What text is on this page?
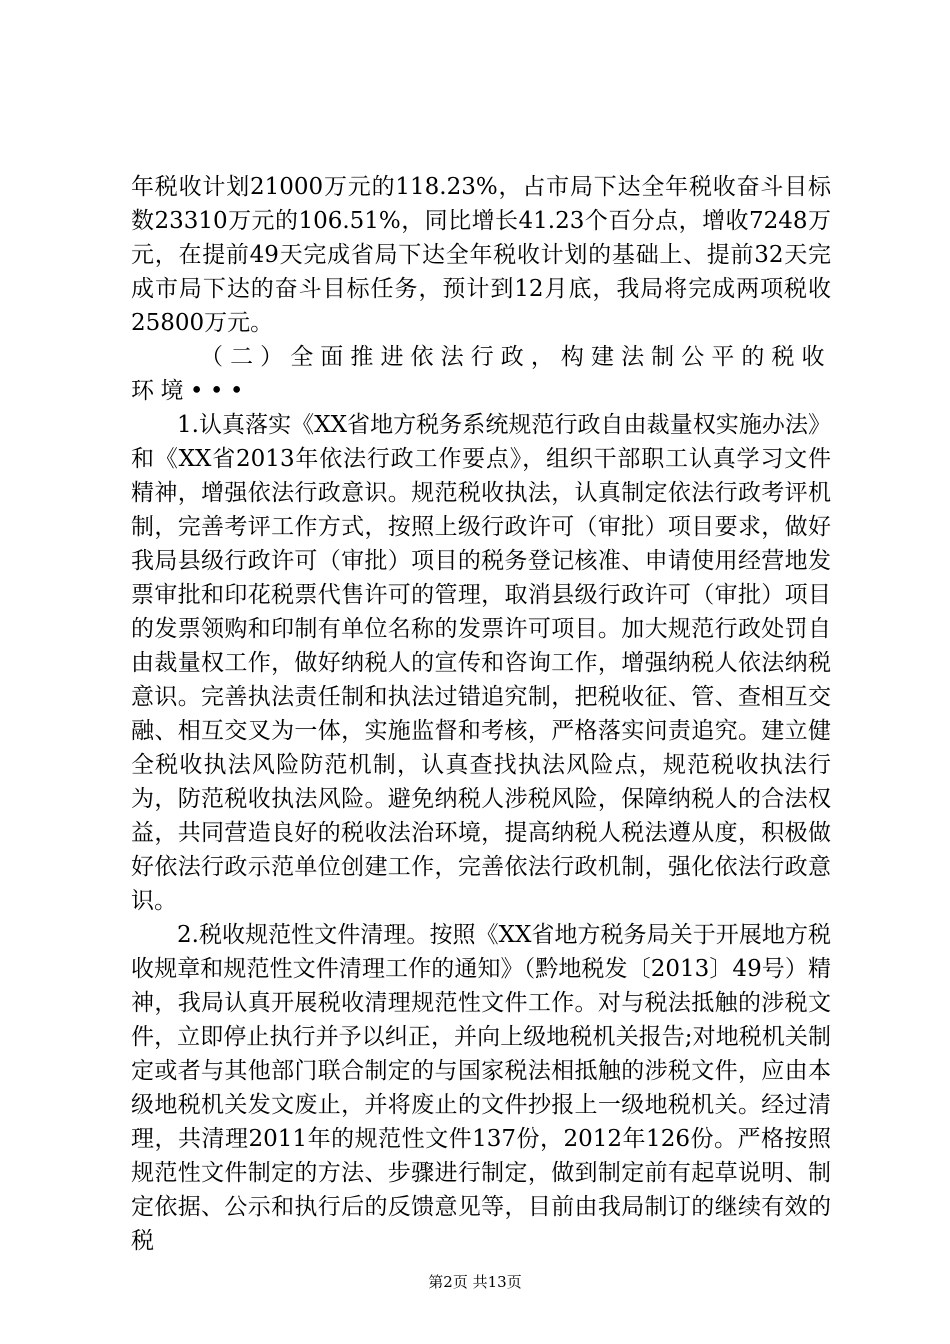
年税收计划21000万元的118.23%，占市局下达全年税收奋斗目标数23310万元的106.51%，同比增长41.23个百分点，增收7248万元，在提前49天完成省局下达全年税收计划的基础上、提前32天完成市局下达的奋斗目标任务，预计到12月底，我局将完成两项税收25800万元。

（二）全面推进依法行政，构建法制公平的税收环境•••

1.认真落实《XX省地方税务系统规范行政自由裁量权实施办法》和《XX省2013年依法行政工作要点》，组织干部职工认真学习文件精神，增强依法行政意识。规范税收执法，认真制定依法行政考评机制，完善考评工作方式，按照上级行政许可（审批）项目要求，做好我局县级行政许可（审批）项目的税务登记核准、申请使用经营地发票审批和印花税票代售许可的管理，取消县级行政许可（审批）项目的发票领购和印制有单位名称的发票许可项目。加大规范行政处罚自由裁量权工作，做好纳税人的宣传和咨询工作，增强纳税人依法纳税意识。完善执法责任制和执法过错追究制，把税收征、管、查相互交融、相互交叉为一体，实施监督和考核，严格落实问责追究。建立健全税收执法风险防范机制，认真查找执法风险点，规范税收执法行为，防范税收执法风险。避免纳税人涉税风险，保障纳税人的合法权益，共同营造良好的税收法治环境，提高纳税人税法遵从度，积极做好依法行政示范单位创建工作，完善依法行政机制，强化依法行政意识。

2.税收规范性文件清理。按照《XX省地方税务局关于开展地方税收规章和规范性文件清理工作的通知》（黔地税发〔2013〕49号）精神，我局认真开展税收清理规范性文件工作。对与税法抵触的涉税文件，立即停止执行并予以纠正，并向上级地税机关报告;对地税机关制定或者与其他部门联合制定的与国家税法相抵触的涉税文件，应由本级地税机关发文废止，并将废止的文件抄报上一级地税机关。经过清理，共清理2011年的规范性文件137份，2012年126份。严格按照规范性文件制定的方法、步骤进行制定，做到制定前有起草说明、制定依据、公示和执行后的反馈意见等，目前由我局制订的继续有效的税

第2页 共13页
